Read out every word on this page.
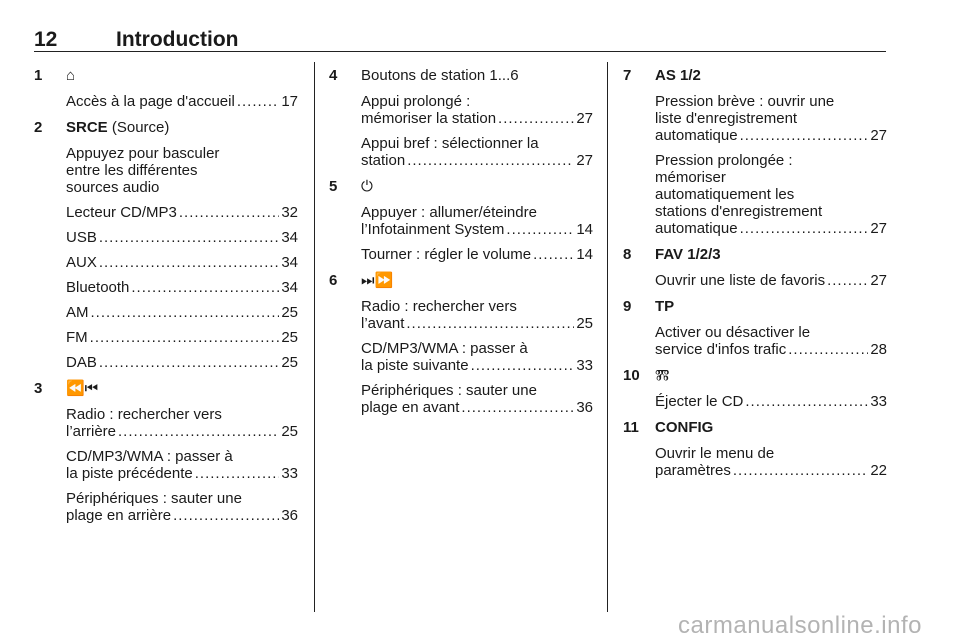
12	Introduction
1 ⌂
Accès à la page d'accueil .....	17
2 SRCE (Source)
Appuyez pour basculer
entre les différentes
sources audio
Lecteur CD/MP3 .....	32
USB .....	34
AUX .....	34
Bluetooth .....	34
AM .....	25
FM .....	25
DAB .....	25
3 ⏪⏮
Radio : rechercher vers
l’arrière .....	25
CD/MP3/WMA : passer à
la piste précédente .....	33
Périphériques : sauter une
plage en arrière .....	36
4 Boutons de station 1...6
Appui prolongé :
mémoriser la station .....	27
Appui bref : sélectionner la
station .....	27
5 ⏻
Appuyer : allumer/éteindre
l’Infotainment System .....	14
Tourner : régler le volume .....	14
6 ⏭⏩
Radio : rechercher vers
l’avant .....	25
CD/MP3/WMA : passer à
la piste suivante .....	33
Périphériques : sauter une
plage en avant .....	36
7 AS 1/2
Pression brève : ouvrir une
liste d'enregistrement
automatique .....	27
Pression prolongée :
mémoriser
automatiquement les
stations d'enregistrement
automatique .....	27
8 FAV 1/2/3
Ouvrir une liste de favoris .....	27
9 TP
Activer ou désactiver le
service d'infos trafic .....	28
10 Ⰿ
Éjecter le CD .....	33
11 CONFIG
Ouvrir le menu de
paramètres .....	22
carmanualsonline.info
